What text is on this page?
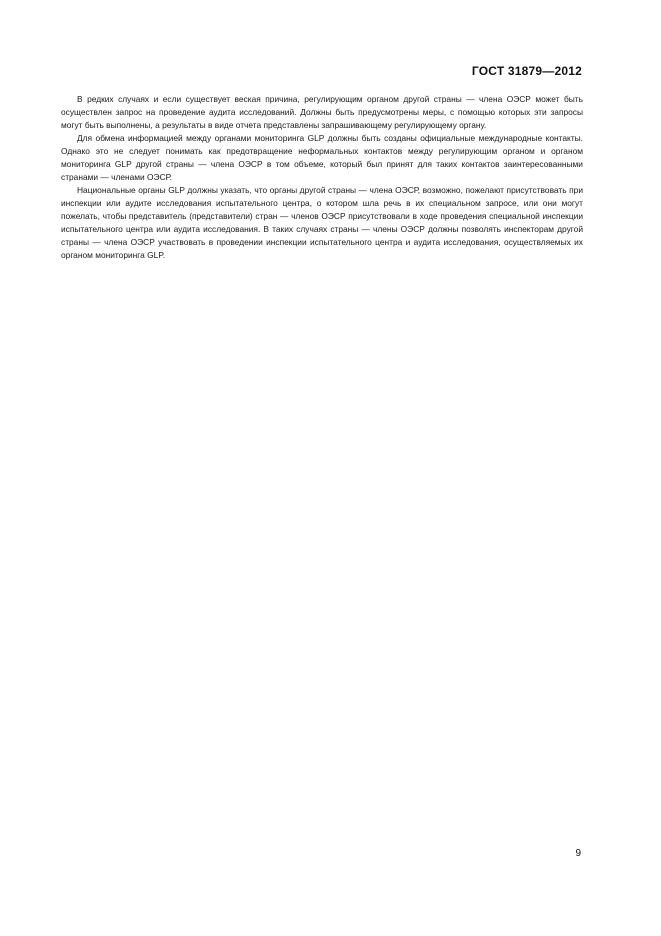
ГОСТ 31879—2012

В редких случаях и если существует веская причина, регулирующим органом другой страны — члена ОЭСР может быть осуществлен запрос на проведение аудита исследований. Должны быть предусмотрены меры, с помощью которых эти запросы могут быть выполнены, а результаты в виде отчета представлены запрашивающему регулирующему органу.

Для обмена информацией между органами мониторинга GLP должны быть созданы официальные международные контакты. Однако это не следует понимать как предотвращение неформальных контактов между регулирующим органом и органом мониторинга GLP другой страны — члена ОЭСР в том объеме, который был принят для таких контактов заинтересованными странами — членами ОЭСР.

Национальные органы GLP должны указать, что органы другой страны — члена ОЭСР, возможно, пожелают присутствовать при инспекции или аудите исследования испытательного центра, о котором шла речь в их специальном запросе, или они могут пожелать, чтобы представитель (представители) стран — членов ОЭСР присутствовали в ходе проведения специальной инспекции испытательного центра или аудита исследования. В таких случаях страны — члены ОЭСР должны позволять инспекторам другой страны — члена ОЭСР участвовать в проведении инспекции испытательного центра и аудита исследования, осуществляемых их органом мониторинга GLP.

9
